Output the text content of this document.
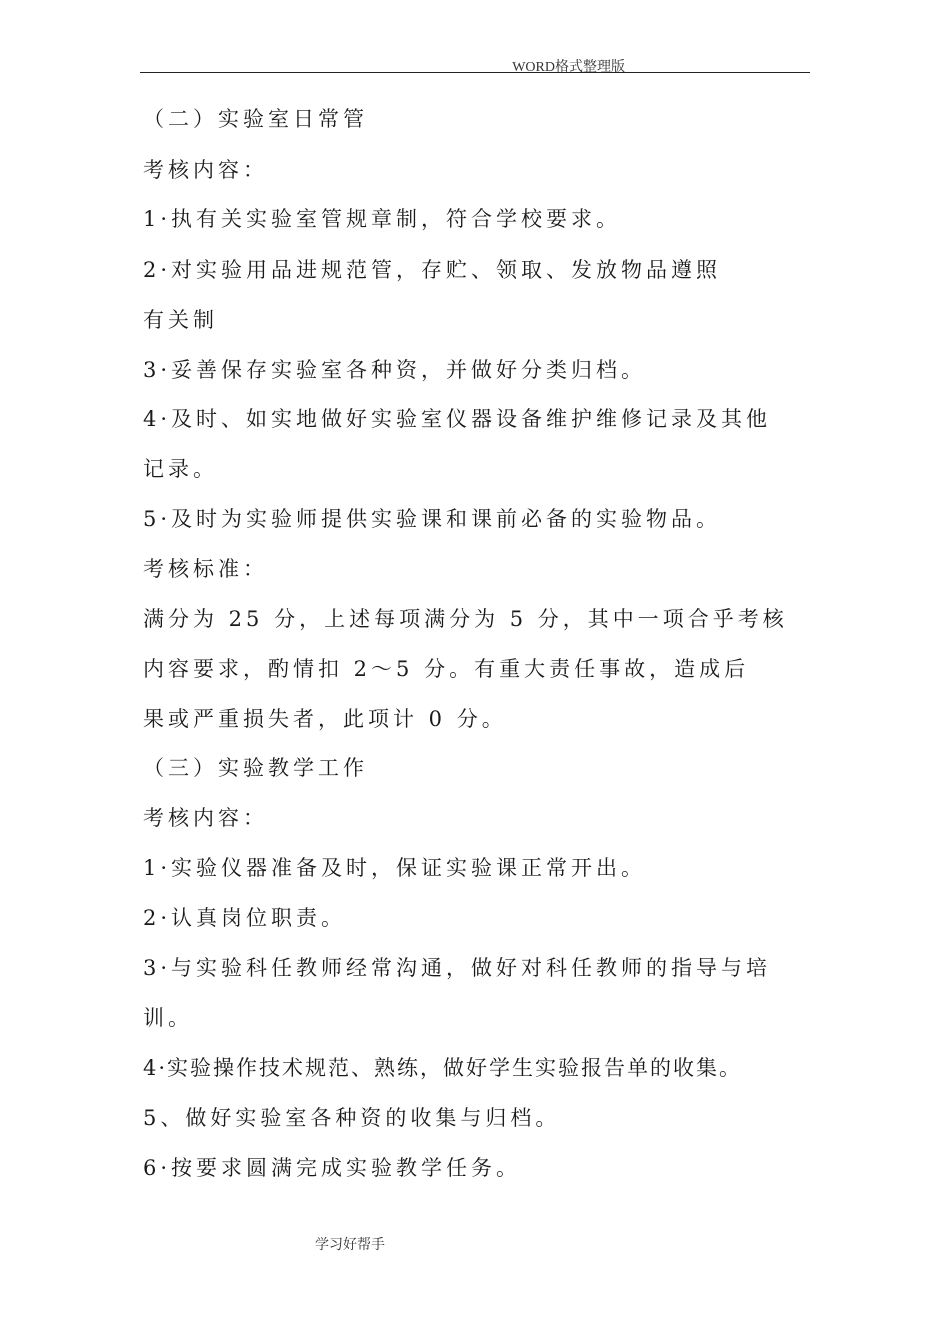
WORD格式整理版
（二）实验室日常管
考核内容：
1·执有关实验室管规章制，符合学校要求。
2·对实验用品进规范管，存贮、领取、发放物品遵照
有关制
3·妥善保存实验室各种资，并做好分类归档。
4·及时、如实地做好实验室仪器设备维护维修记录及其他
记录。
5·及时为实验师提供实验课和课前必备的实验物品。
考核标准：
满分为 25 分，上述每项满分为 5 分，其中一项合乎考核
内容要求，酌情扣 2～5 分。有重大责任事故，造成后
果或严重损失者，此项计 0 分。
（三）实验教学工作
考核内容：
1·实验仪器准备及时，保证实验课正常开出。
2·认真岗位职责。
3·与实验科任教师经常沟通，做好对科任教师的指导与培
训。
4·实验操作技术规范、熟练，做好学生实验报告单的收集。
5、做好实验室各种资的收集与归档。
6·按要求圆满完成实验教学任务。
学习好帮手
